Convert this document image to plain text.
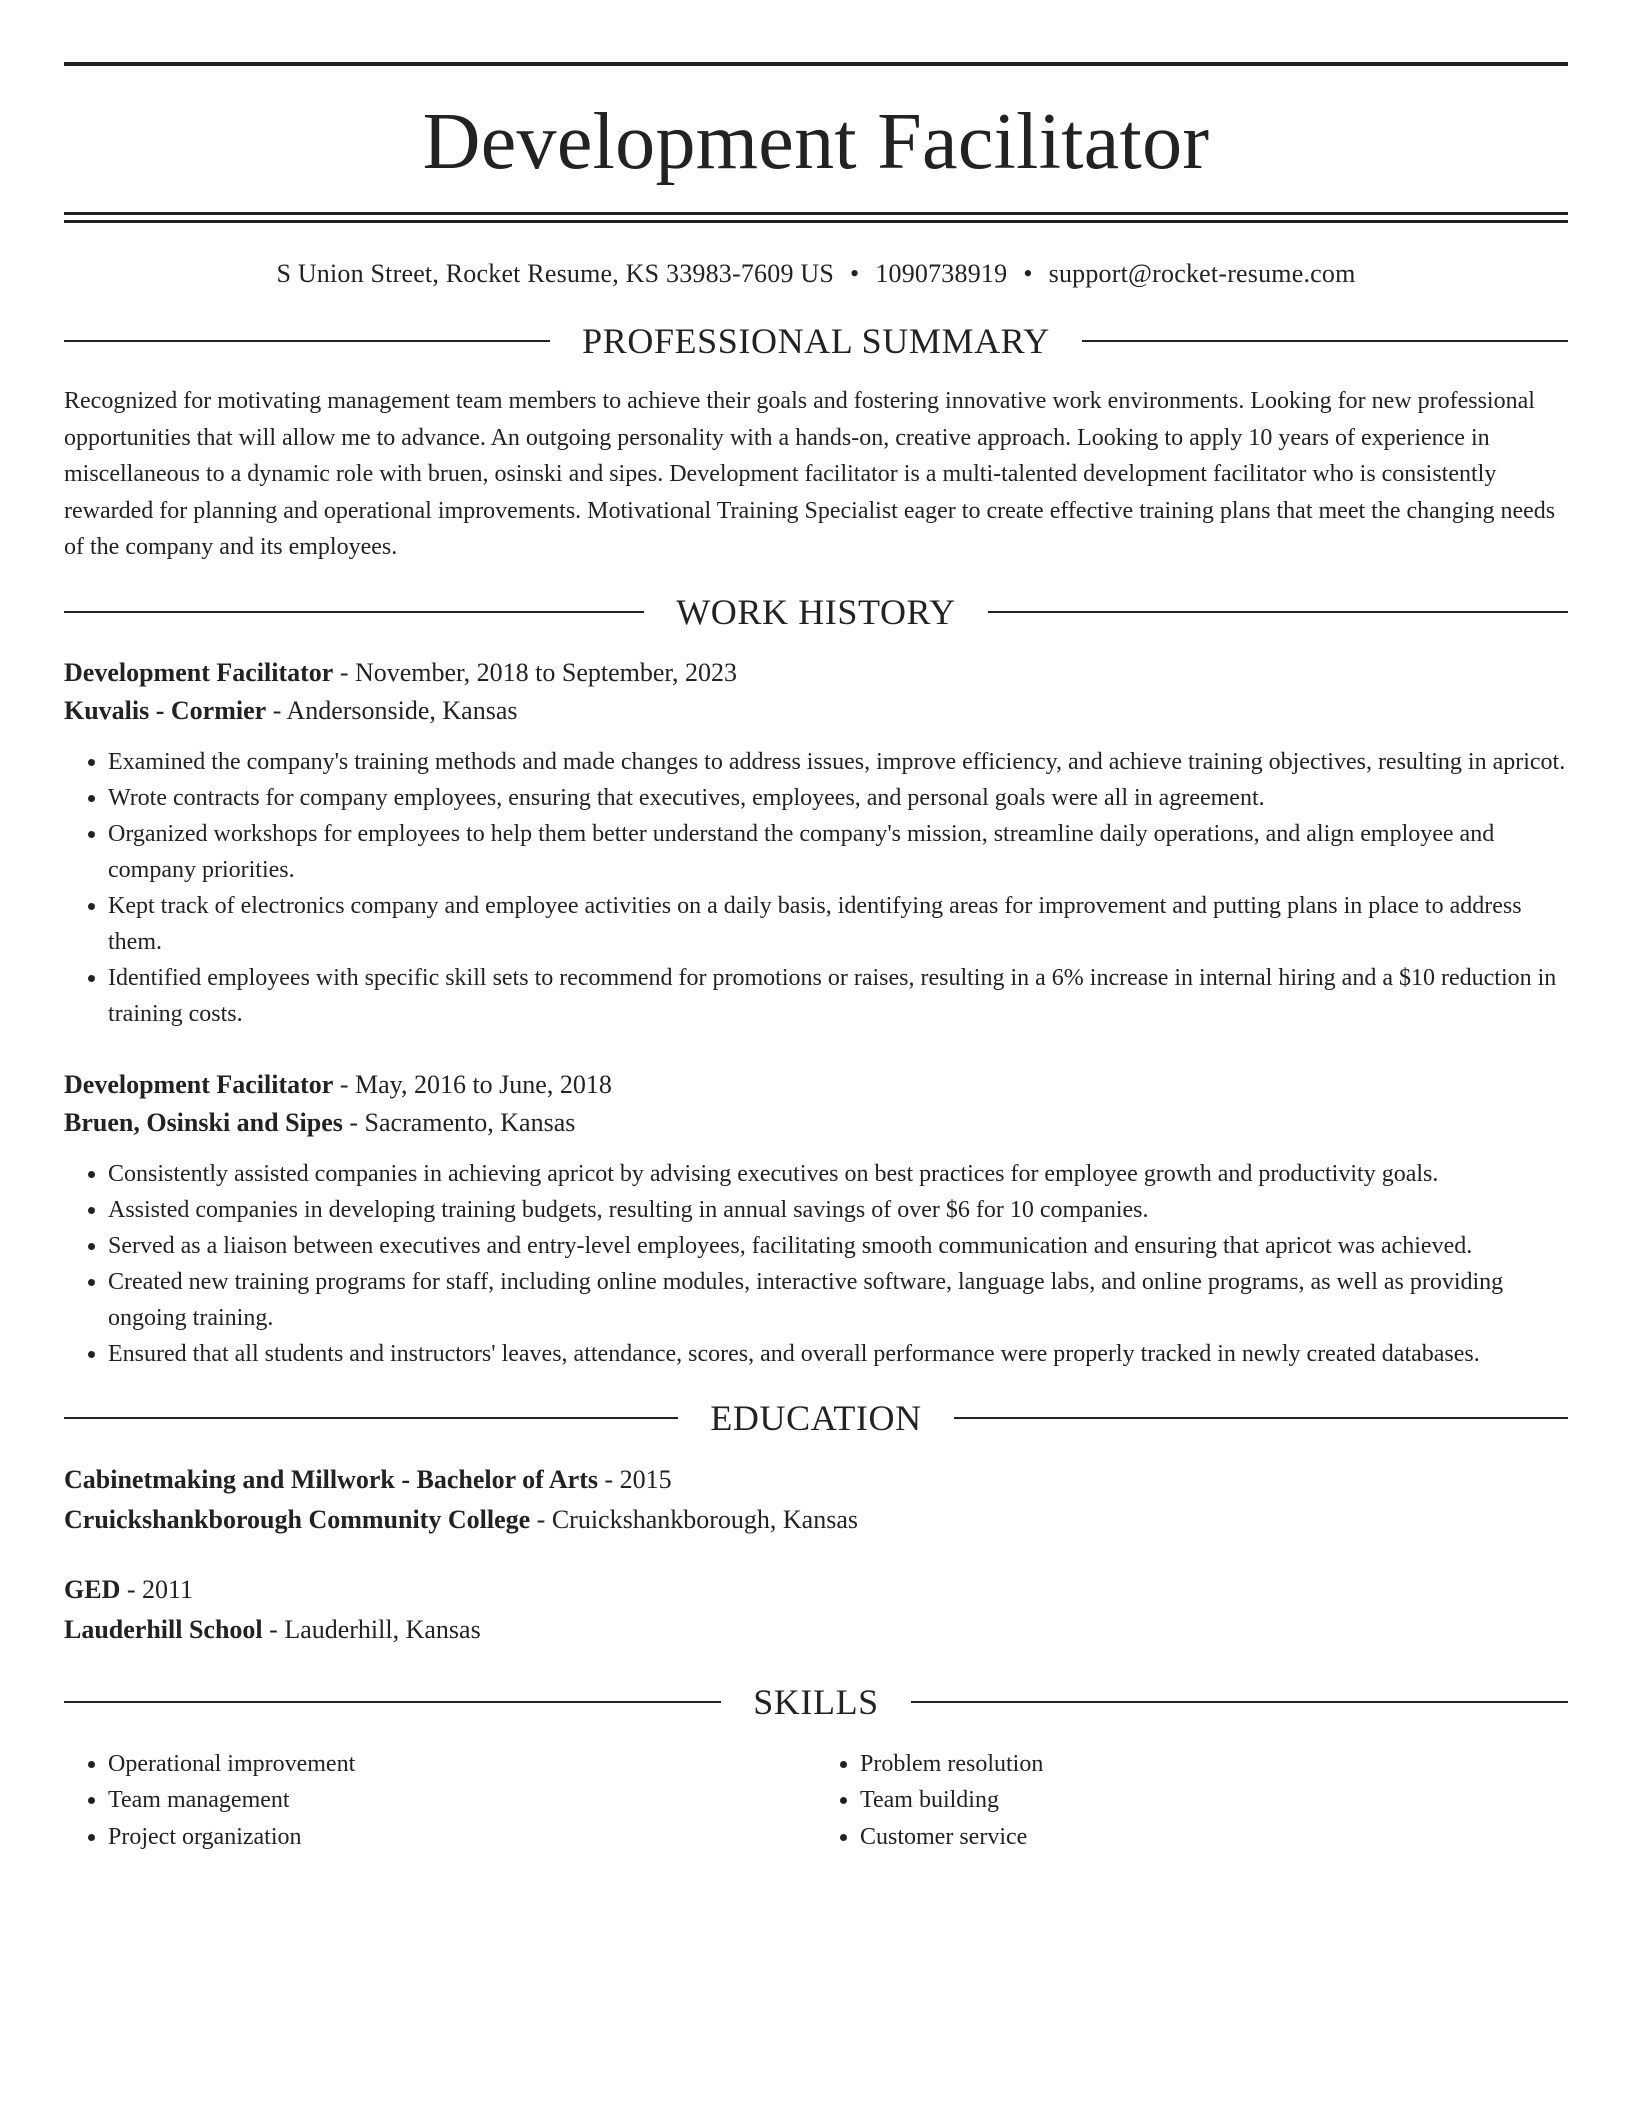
Development Facilitator
S Union Street, Rocket Resume, KS 33983-7609 US • 1090738919 • support@rocket-resume.com
PROFESSIONAL SUMMARY

Recognized for motivating management team members to achieve their goals and fostering innovative work environments. Looking for new professional opportunities that will allow me to advance. An outgoing personality with a hands-on, creative approach. Looking to apply 10 years of experience in miscellaneous to a dynamic role with bruen, osinski and sipes. Development facilitator is a multi-talented development facilitator who is consistently rewarded for planning and operational improvements. Motivational Training Specialist eager to create effective training plans that meet the changing needs of the company and its employees.

WORK HISTORY
Development Facilitator - November, 2018 to September, 2023
Kuvalis - Cormier - Andersonside, Kansas
• Examined the company's training methods and made changes to address issues, improve efficiency, and achieve training objectives, resulting in apricot.
• Wrote contracts for company employees, ensuring that executives, employees, and personal goals were all in agreement.
• Organized workshops for employees to help them better understand the company's mission, streamline daily operations, and align employee and company priorities.
• Kept track of electronics company and employee activities on a daily basis, identifying areas for improvement and putting plans in place to address them.
• Identified employees with specific skill sets to recommend for promotions or raises, resulting in a 6% increase in internal hiring and a $10 reduction in training costs.
Development Facilitator - May, 2016 to June, 2018
Bruen, Osinski and Sipes - Sacramento, Kansas
• Consistently assisted companies in achieving apricot by advising executives on best practices for employee growth and productivity goals.
• Assisted companies in developing training budgets, resulting in annual savings of over $6 for 10 companies.
• Served as a liaison between executives and entry-level employees, facilitating smooth communication and ensuring that apricot was achieved.
• Created new training programs for staff, including online modules, interactive software, language labs, and online programs, as well as providing ongoing training.
• Ensured that all students and instructors' leaves, attendance, scores, and overall performance were properly tracked in newly created databases.
EDUCATION
Cabinetmaking and Millwork - Bachelor of Arts - 2015
Cruickshankborough Community College - Cruickshankborough, Kansas
GED - 2011
Lauderhill School - Lauderhill, Kansas
SKILLS
• Operational improvement
• Team management
• Project organization
• Problem resolution
• Team building
• Customer service
